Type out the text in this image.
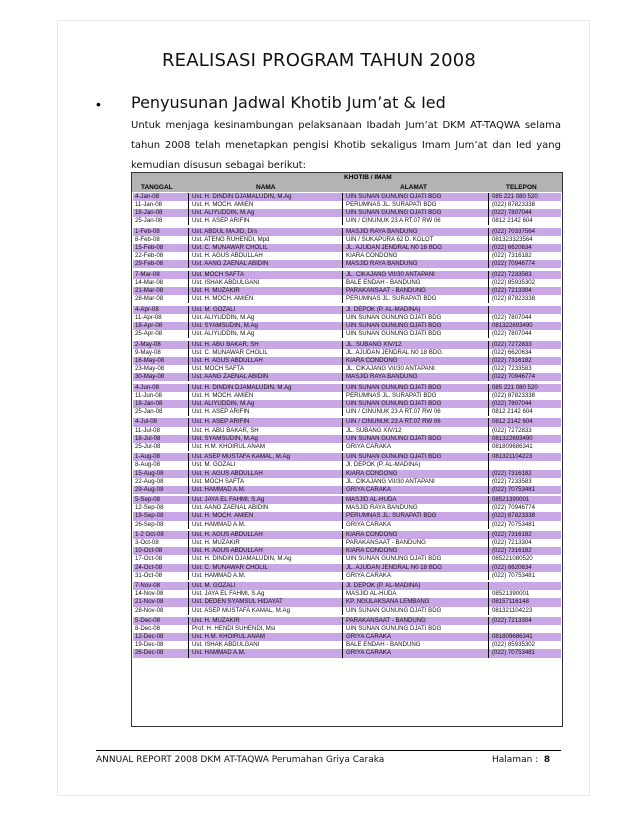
REALISASI PROGRAM TAHUN 2008
• Penyusunan Jadwal Khotib Jum’at & Ied
Untuk menjaga kesinambungan pelaksanaan Ibadah Jum’at DKM AT-TAQWA selama tahun 2008 telah menetapkan pengisi Khotib sekaligus Imam Jum’at dan Ied yang kemudian disusun sebagai berikut:
KHOTIB / IMAM
TANGGAL	NAMA	ALAMAT	TELEPON
4-Jan-08	Ust. H. DINDIN DJAMALUDIN, M.Ag	UIN SUNAN GUNUNG DJATI BDG	085 221 080 520
11-Jan-08	Ust. H. MOCH. AMIEN	PERUMNAS JL. SURAPATI BDG	(022) 87823338
18-Jan-08	Ust. ALIYUDDIN, M.Ag	UIN SUNAN GUNUNG DJATI BDG	(022) 7807044
25-Jan-08	Ust. H. ASEP ARIFIN	UIN / CINUNUK 23 A RT.07 RW 06	0812 2142 604
1-Feb-08	Ust. ABDUL MAJID, Drs	MASJID RAYA BANDUNG	(022) 70337564
8-Feb-08	Ust. ATENG RUHENDI, Mpd	UIN / SUKAPURA 62 D. KOLOT	081323323564
15-Feb-08	Ust. C. MUNAWAR CHOLIL	JL. AJUDAN JENDRAL N0 18 BDG	(022) 6620634
22-Feb-08	Ust. H. AGUS ABDULLAH	KIARA CONDONG	(022) 7316182
29-Feb-08	Ust. AANG ZAENAL ABIDIN	MASJID RAYA BANDUNG	(022) 70946774
7-Mar-08	Ust. MOCH SAFTA	JL. CIKAJANG VII/30 ANTAPANI	(022) 7233583
14-Mar-08	Ust. ISHAK ABDULGANI	BALE ENDAH - BANDUNG	(022) 85935302
21-Mar-08	Ust. H. MUZAKIR	PARAKANSAAT - BANDUNG	(022) 7213304
28-Mar-08	Ust. H. MOCH. AMIEN	PERUMNAS JL. SURAPATI BDG	(022) 87823338
4-Apr-08	Ust. M. GOZALI	Jl. DEPOK (P. AL-MADINA)
11-Apr-08	Ust. ALIYUDDIN, M.Ag	UIN SUNAN GUNUNG DJATI BDG	(022) 7807044
18-Apr-08	Ust. SYAMSUDIN, M.Ag	UIN SUNAN GUNUNG DJATI BDG	081322693490
25-Apr-08	Ust. ALIYUDDIN, M.Ag	UIN SUNAN GUNUNG DJATI BDG	(022) 7807044
2-May-08	Ust. H. ABU BAKAR, SH	JL. SUBANG XIV/12	(022) 7272833
9-May-08	Ust. C. MUNAWAR CHOLIL	JL. AJUDAN JENDRAL N0 18 BDG	(022) 6620634
16-May-08	Ust. H. AGUS ABDULLAH	KIARA CONDONG	(022) 7316182
23-May-08	Ust. MOCH SAFTA	JL. CIKAJANG VII/30 ANTAPANI	(022) 7233583
30-May-08	Ust. AANG ZAENAL ABIDIN	MASJID RAYA BANDUNG	(022) 70946774
4-Jun-08	Ust. H. DINDIN DJAMALUDIN, M.Ag	UIN SUNAN GUNUNG DJATI BDG	085 221 080 520
11-Jun-08	Ust. H. MOCH. AMIEN	PERUMNAS JL. SURAPATI BDG	(022) 87823338
18-Jan-08	Ust. ALIYUDDIN, M.Ag	UIN SUNAN GUNUNG DJATI BDG	(022) 7807044
25-Jan-08	Ust. H. ASEP ARIFIN	UIN / CINUNUK 23 A RT.07 RW 06	0812 2142 604
4-Jul-08	Ust. H. ASEP ARIFIN	UIN / CINUNUK 23 A RT.07 RW 06	0812 2142 604
11-Jul-08	Ust. H. ABU BAKAR, SH	JL. SUBANG XIV/12	(022) 7272833
18-Jul-08	Ust. SYAMSUDIN, M.Ag	UIN SUNAN GUNUNG DJATI BDG	081322693490
25-Jul-08	Ust. H.M. KHOIRUL ANAM	GRIYA CARAKA	081809686341
1-Aug-08	Ust. ASEP MUSTAFA KAMAL, M.Ag	UIN SUNAN GUNUNG DJATI BDG	081321104223
8-Aug-08	Ust. M. GOZALI	Jl. DEPOK (P. AL-MADINA)
15-Aug-08	Ust. H. AGUS ABDULLAH	KIARA CONDONG	(022) 7316182
22-Aug-08	Ust. MOCH SAFTA	JL. CIKAJANG VII/30 ANTAPANI	(022) 7233583
29-Aug-08	Ust. HAMMAD A.M.	GRIYA CARAKA	(022) 70753481
5-Sep-08	Ust. JAYA EL FAHMI, S.Ag	MASJID AL-HUDA	08521390001
12-Sep-08	Ust. AANG ZAENAL ABIDIN	MASJID RAYA BANDUNG	(022) 70946774
19-Sep-08	Ust. H. MOCH. AMIEN	PERUMNAS JL. SURAPATI BDG	(022) 87823338
26-Sep-08	Ust. HAMMAD A.M.	GRIYA CARAKA	(022) 70753481
1-2 Oct-08	Ust. H. AGUS ABDULLAH	KIARA CONDONG	(022) 7316182
3-Oct-08	Ust. H. MUZAKIR	PARAKANSAAT - BANDUNG	(022) 7213304
10-Oct-08	Ust. H. AGUS ABDULLAH	KIARA CONDONG	(022) 7316182
17-Oct-08	Ust. H. DINDIN DJAMALUDIN, M.Ag	UIN SUNAN GUNUNG DJATI BDG	085221080520
24-Oct-08	Ust. C. MUNAWAR CHOLIL	JL. AJUDAN JENDRAL N0 18 BDG	(022) 6620634
31-Oct-08	Ust. HAMMAD A.M.	GRIYA CARAKA	(022) 70753481
7-Nov-08	Ust. M. GOZALI	Jl. DEPOK (P. AL-MADINA)
14-Nov-08	Ust. JAYA EL FAHMI, S.Ag	MASJID AL-HUDA	08521390001
21-Nov-08	Ust. DEDEN SYAMSUL HIDAYAT	KP. NGULAKSANA LEMBANG	08157116148
28-Nov-08	Ust. ASEP MUSTAFA KAMAL, M.Ag	UIN SUNAN GUNUNG DJATI BDG	081321104223
5-Dec-08	Ust. H. MUZAKIR	PARAKANSAAT - BANDUNG	(022) 7213304
8-Dec-08	Prof. H. HENDI SUHENDI, Msi	UIN SUNAN GUNUNG DJATI BDG
12-Dec-08	Ust. H.M. KHOIRUL ANAM	GRIYA CARAKA	081809686341
19-Dec-08	Ust. ISHAK ABDULGANI	BALE ENDAH - BANDUNG	(022) 85935302
26-Dec-08	Ust. HAMMAD A.M.	GRIYA CARAKA	(022) 70753481
ANNUAL REPORT 2008 DKM AT-TAQWA Perumahan Griya Caraka	Halaman : 8
